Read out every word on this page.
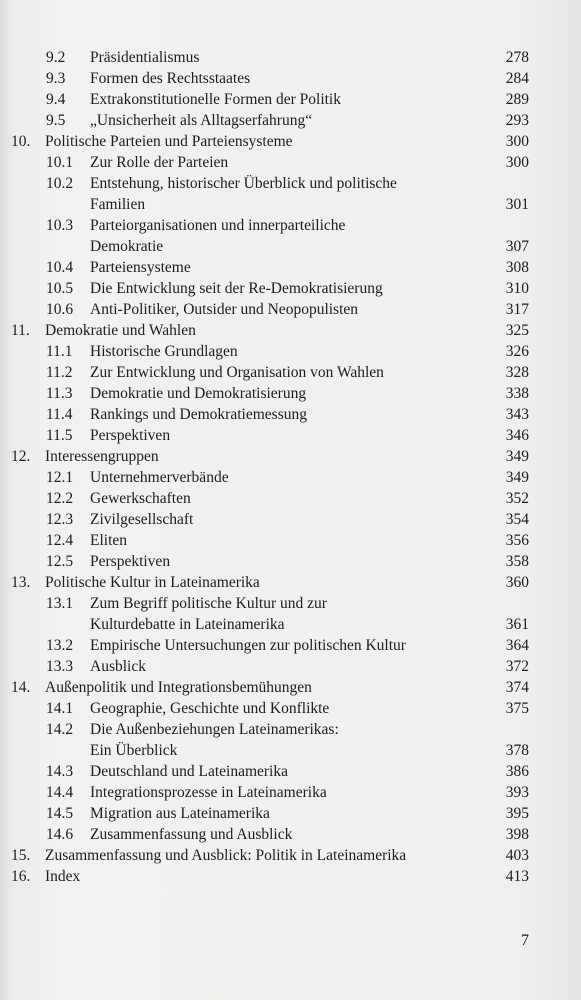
9.2 Präsidentialismus	278
9.3 Formen des Rechtsstaates	284
9.4 Extrakonstitutionelle Formen der Politik	289
9.5 „Unsicherheit als Alltagserfahrung“	293
10. Politische Parteien und Parteiensysteme	300
10.1 Zur Rolle der Parteien	300
10.2 Entstehung, historischer Überblick und politische
Familien	301
10.3 Parteiorganisationen und innerparteiliche
Demokratie	307
10.4 Parteiensysteme	308
10.5 Die Entwicklung seit der Re-Demokratisierung	310
10.6 Anti-Politiker, Outsider und Neopopulisten	317
11. Demokratie und Wahlen	325
11.1 Historische Grundlagen	326
11.2 Zur Entwicklung und Organisation von Wahlen	328
11.3 Demokratie und Demokratisierung	338
11.4 Rankings und Demokratiemessung	343
11.5 Perspektiven	346
12. Interessengruppen	349
12.1 Unternehmerverbände	349
12.2 Gewerkschaften	352
12.3 Zivilgesellschaft	354
12.4 Eliten	356
12.5 Perspektiven	358
13. Politische Kultur in Lateinamerika	360
13.1 Zum Begriff politische Kultur und zur
Kulturdebatte in Lateinamerika	361
13.2 Empirische Untersuchungen zur politischen Kultur	364
13.3 Ausblick	372
14. Außenpolitik und Integrationsbemühungen	374
14.1 Geographie, Geschichte und Konflikte	375
14.2 Die Außenbeziehungen Lateinamerikas:
Ein Überblick	378
14.3 Deutschland und Lateinamerika	386
14.4 Integrationsprozesse in Lateinamerika	393
14.5 Migration aus Lateinamerika	395
14.6 Zusammenfassung und Ausblick	398
15. Zusammenfassung und Ausblick: Politik in Lateinamerika	403
16. Index	413
7
